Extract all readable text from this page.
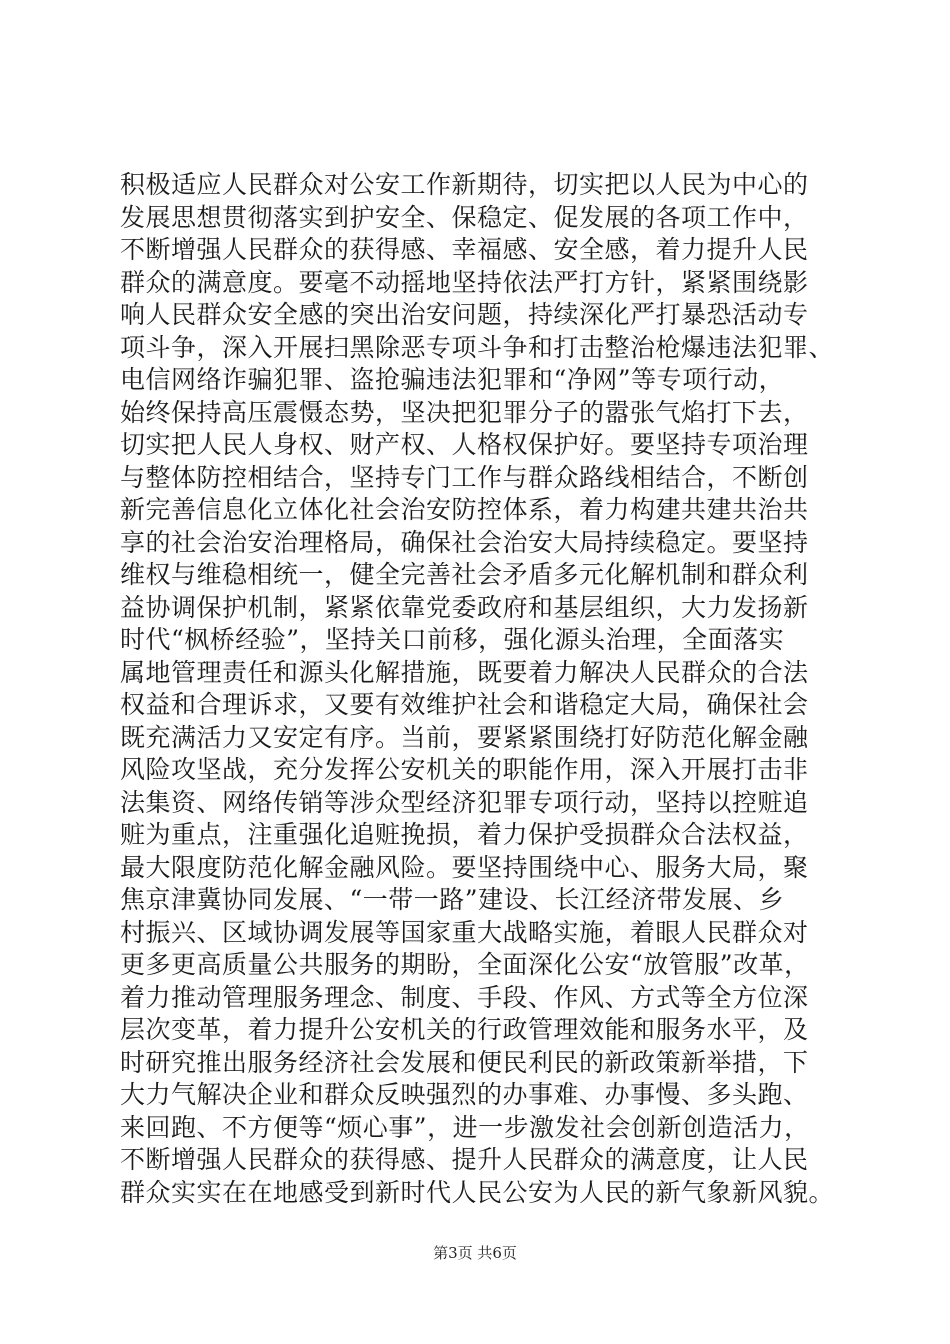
积极适应人民群众对公安工作新期待，切实把以人民为中心的
发展思想贯彻落实到护安全、保稳定、促发展的各项工作中，
不断增强人民群众的获得感、幸福感、安全感，着力提升人民
群众的满意度。要毫不动摇地坚持依法严打方针，紧紧围绕影
响人民群众安全感的突出治安问题，持续深化严打暴恐活动专
项斗争，深入开展扫黑除恶专项斗争和打击整治枪爆违法犯罪、
电信网络诈骗犯罪、盗抢骗违法犯罪和“净网”等专项行动，
始终保持高压震慑态势，坚决把犯罪分子的嚣张气焰打下去，
切实把人民人身权、财产权、人格权保护好。要坚持专项治理
与整体防控相结合，坚持专门工作与群众路线相结合，不断创
新完善信息化立体化社会治安防控体系，着力构建共建共治共
享的社会治安治理格局，确保社会治安大局持续稳定。要坚持
维权与维稳相统一，健全完善社会矛盾多元化解机制和群众利
益协调保护机制，紧紧依靠党委政府和基层组织，大力发扬新
时代“枫桥经验”，坚持关口前移，强化源头治理，全面落实
属地管理责任和源头化解措施，既要着力解决人民群众的合法
权益和合理诉求，又要有效维护社会和谐稳定大局，确保社会
既充满活力又安定有序。当前，要紧紧围绕打好防范化解金融
风险攻坚战，充分发挥公安机关的职能作用，深入开展打击非
法集资、网络传销等涉众型经济犯罪专项行动，坚持以控赃追
赃为重点，注重强化追赃挽损，着力保护受损群众合法权益，
最大限度防范化解金融风险。要坚持围绕中心、服务大局，聚
焦京津冀协同发展、“一带一路”建设、长江经济带发展、乡
村振兴、区域协调发展等国家重大战略实施，着眼人民群众对
更多更高质量公共服务的期盼，全面深化公安“放管服”改革，
着力推动管理服务理念、制度、手段、作风、方式等全方位深
层次变革，着力提升公安机关的行政管理效能和服务水平，及
时研究推出服务经济社会发展和便民利民的新政策新举措，下
大力气解决企业和群众反映强烈的办事难、办事慢、多头跑、
来回跑、不方便等“烦心事”，进一步激发社会创新创造活力，
不断增强人民群众的获得感、提升人民群众的满意度，让人民
群众实实在在地感受到新时代人民公安为人民的新气象新风貌。
第3页 共6页
